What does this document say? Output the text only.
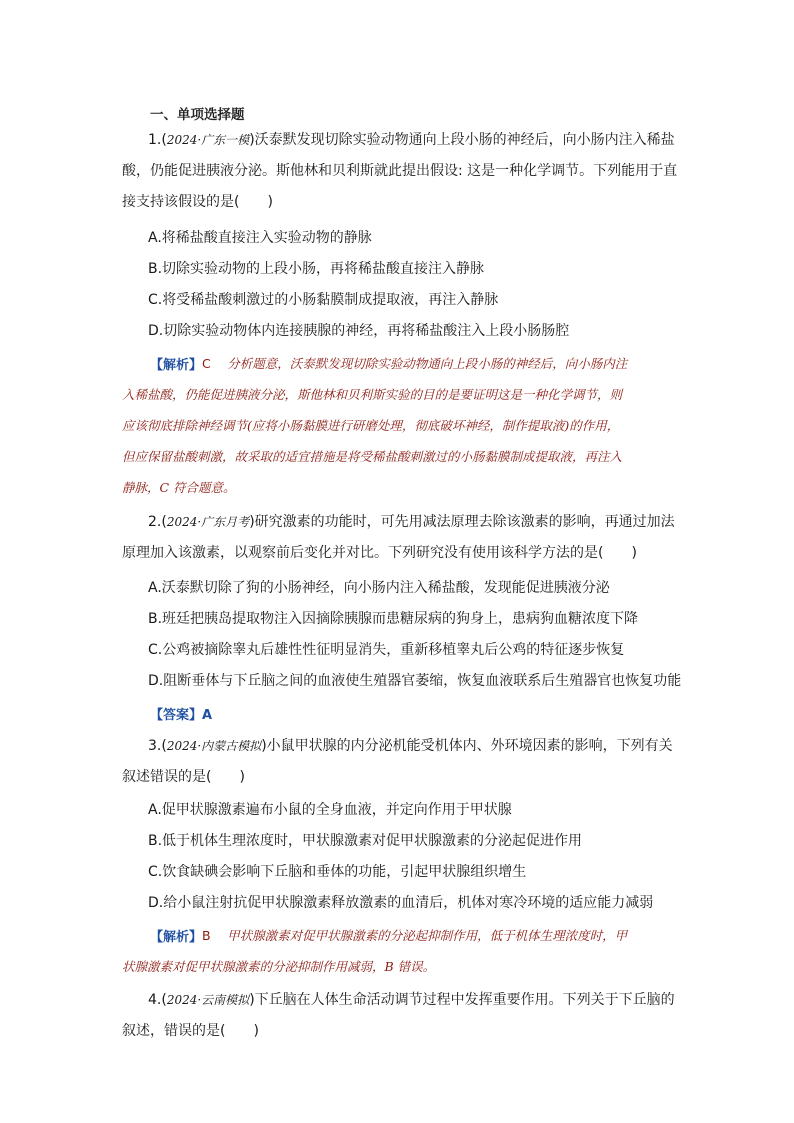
一、单项选择题
1.(2024·广东一模)沃泰默发现切除实验动物通向上段小肠的神经后，向小肠内注入稀盐
酸，仍能促进胰液分泌。斯他林和贝利斯就此提出假设: 这是一种化学调节。下列能用于直
接支持该假设的是(　　)
A.将稀盐酸直接注入实验动物的静脉
B.切除实验动物的上段小肠，再将稀盐酸直接注入静脉
C.将受稀盐酸刺激过的小肠黏膜制成提取液，再注入静脉
D.切除实验动物体内连接胰腺的神经，再将稀盐酸注入上段小肠肠腔
【解析】 C　 分析题意，沃泰默发现切除实验动物通向上段小肠的神经后，向小肠内注
入稀盐酸，仍能促进胰液分泌，斯他林和贝利斯实验的目的是要证明这是一种化学调节，则
应该彻底排除神经调节(应将小肠黏膜进行研磨处理，彻底破坏神经，制作提取液)的作用，
但应保留盐酸刺激，故采取的适宜措施是将受稀盐酸刺激过的小肠黏膜制成提取液，再注入
静脉，C 符合题意。
2.(2024·广东月考)研究激素的功能时，可先用减法原理去除该激素的影响，再通过加法
原理加入该激素，以观察前后变化并对比。下列研究没有使用该科学方法的是(　　)
A.沃泰默切除了狗的小肠神经，向小肠内注入稀盐酸，发现能促进胰液分泌
B.班廷把胰岛提取物注入因摘除胰腺而患糖尿病的狗身上，患病狗血糖浓度下降
C.公鸡被摘除睾丸后雄性性征明显消失，重新移植睾丸后公鸡的特征逐步恢复
D.阻断垂体与下丘脑之间的血液使生殖器官萎缩，恢复血液联系后生殖器官也恢复功能
【答案】A
3.(2024·内蒙古模拟)小鼠甲状腺的内分泌机能受机体内、外环境因素的影响，下列有关
叙述错误的是(　　)
A.促甲状腺激素遍布小鼠的全身血液，并定向作用于甲状腺
B.低于机体生理浓度时，甲状腺激素对促甲状腺激素的分泌起促进作用
C.饮食缺碘会影响下丘脑和垂体的功能，引起甲状腺组织增生
D.给小鼠注射抗促甲状腺激素释放激素的血清后，机体对寒冷环境的适应能力减弱
【解析】 B　 甲状腺激素对促甲状腺激素的分泌起抑制作用，低于机体生理浓度时，甲
状腺激素对促甲状腺激素的分泌抑制作用减弱，B 错误。
4.(2024·云南模拟)下丘脑在人体生命活动调节过程中发挥重要作用。下列关于下丘脑的
叙述，错误的是(　　)
